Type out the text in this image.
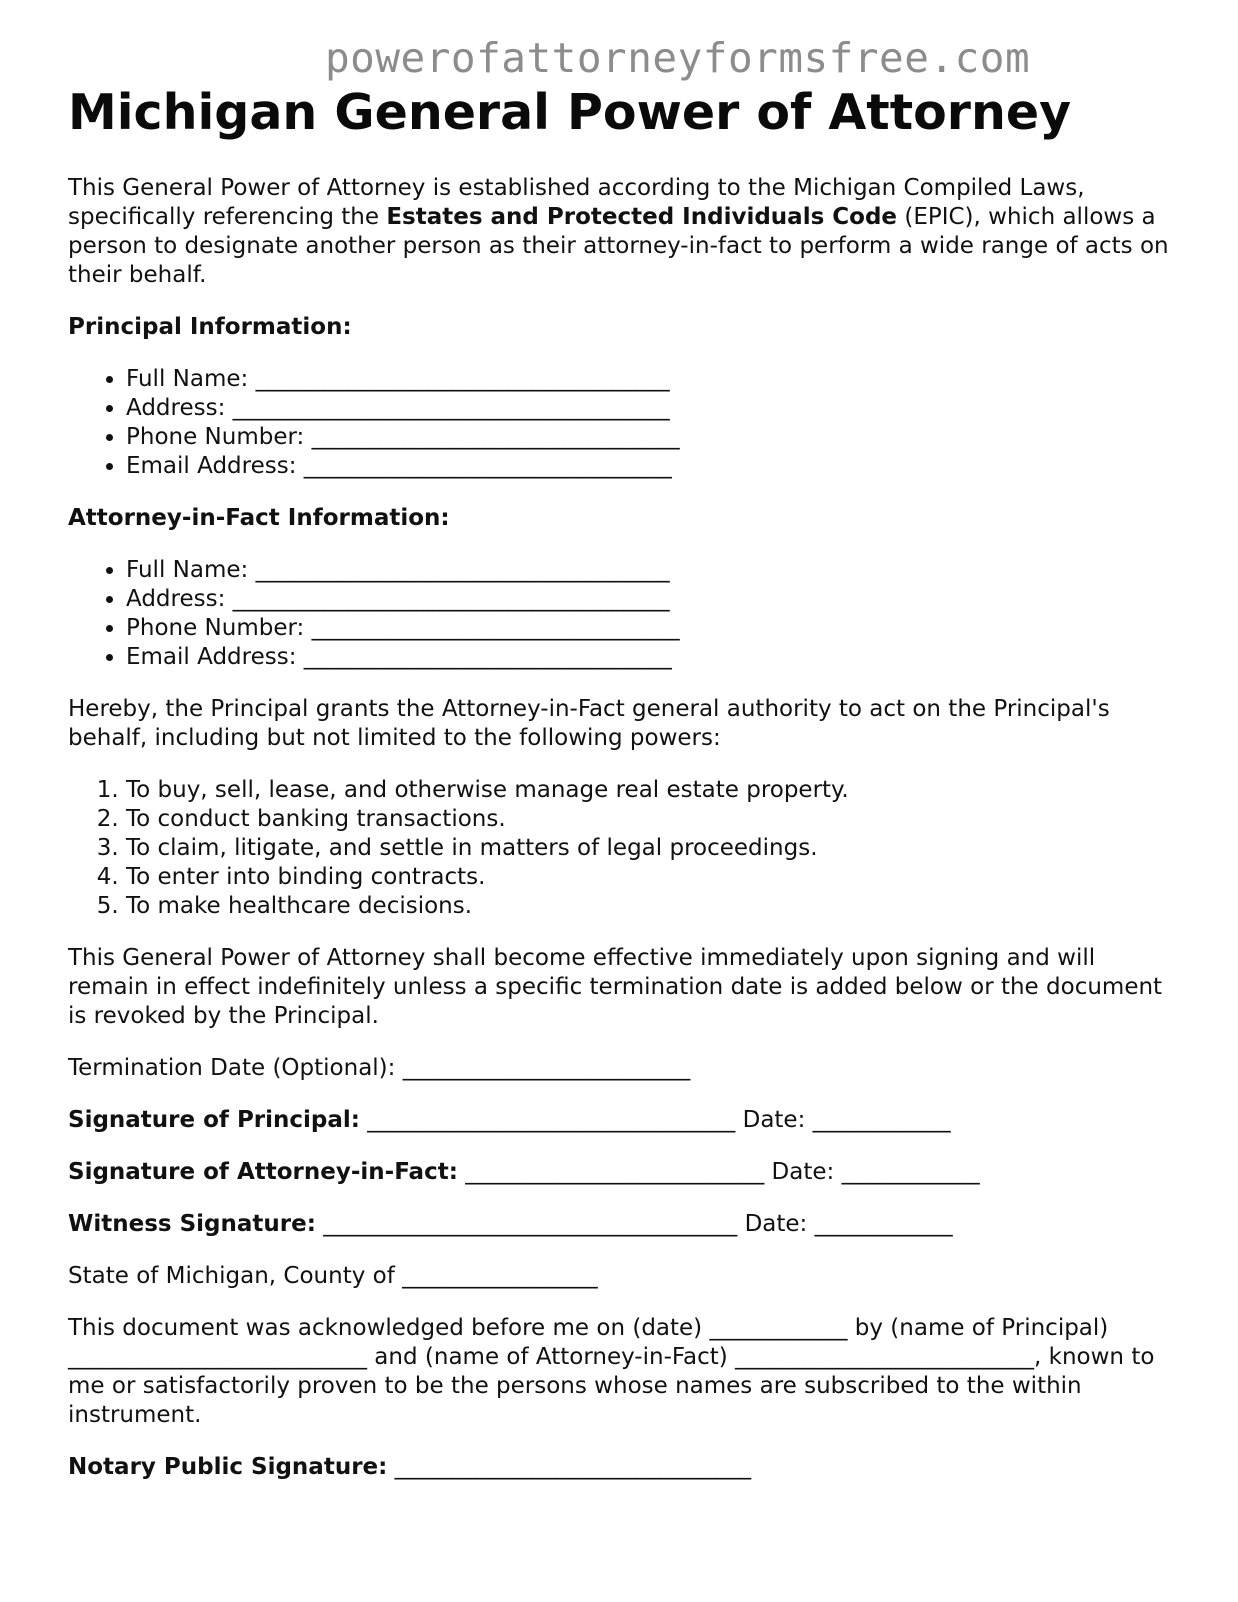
powerofattorneyformsfree.com
Michigan General Power of Attorney

This General Power of Attorney is established according to the Michigan Compiled Laws, specifically referencing the Estates and Protected Individuals Code (EPIC), which allows a person to designate another person as their attorney-in-fact to perform a wide range of acts on their behalf.

Principal Information:

• Full Name: ____________________________________
• Address: ______________________________________
• Phone Number: ________________________________
• Email Address: ________________________________

Attorney-in-Fact Information:

• Full Name: ____________________________________
• Address: ______________________________________
• Phone Number: ________________________________
• Email Address: ________________________________

Hereby, the Principal grants the Attorney-in-Fact general authority to act on the Principal's behalf, including but not limited to the following powers:

1. To buy, sell, lease, and otherwise manage real estate property.
2. To conduct banking transactions.
3. To claim, litigate, and settle in matters of legal proceedings.
4. To enter into binding contracts.
5. To make healthcare decisions.

This General Power of Attorney shall become effective immediately upon signing and will remain in effect indefinitely unless a specific termination date is added below or the document is revoked by the Principal.

Termination Date (Optional): _________________________

Signature of Principal: ________________________________ Date: ____________

Signature of Attorney-in-Fact: __________________________ Date: ____________

Witness Signature: ____________________________________ Date: ____________

State of Michigan, County of _________________

This document was acknowledged before me on (date) ____________ by (name of Principal) __________________________ and (name of Attorney-in-Fact) __________________________, known to me or satisfactorily proven to be the persons whose names are subscribed to the within instrument.

Notary Public Signature: _______________________________
